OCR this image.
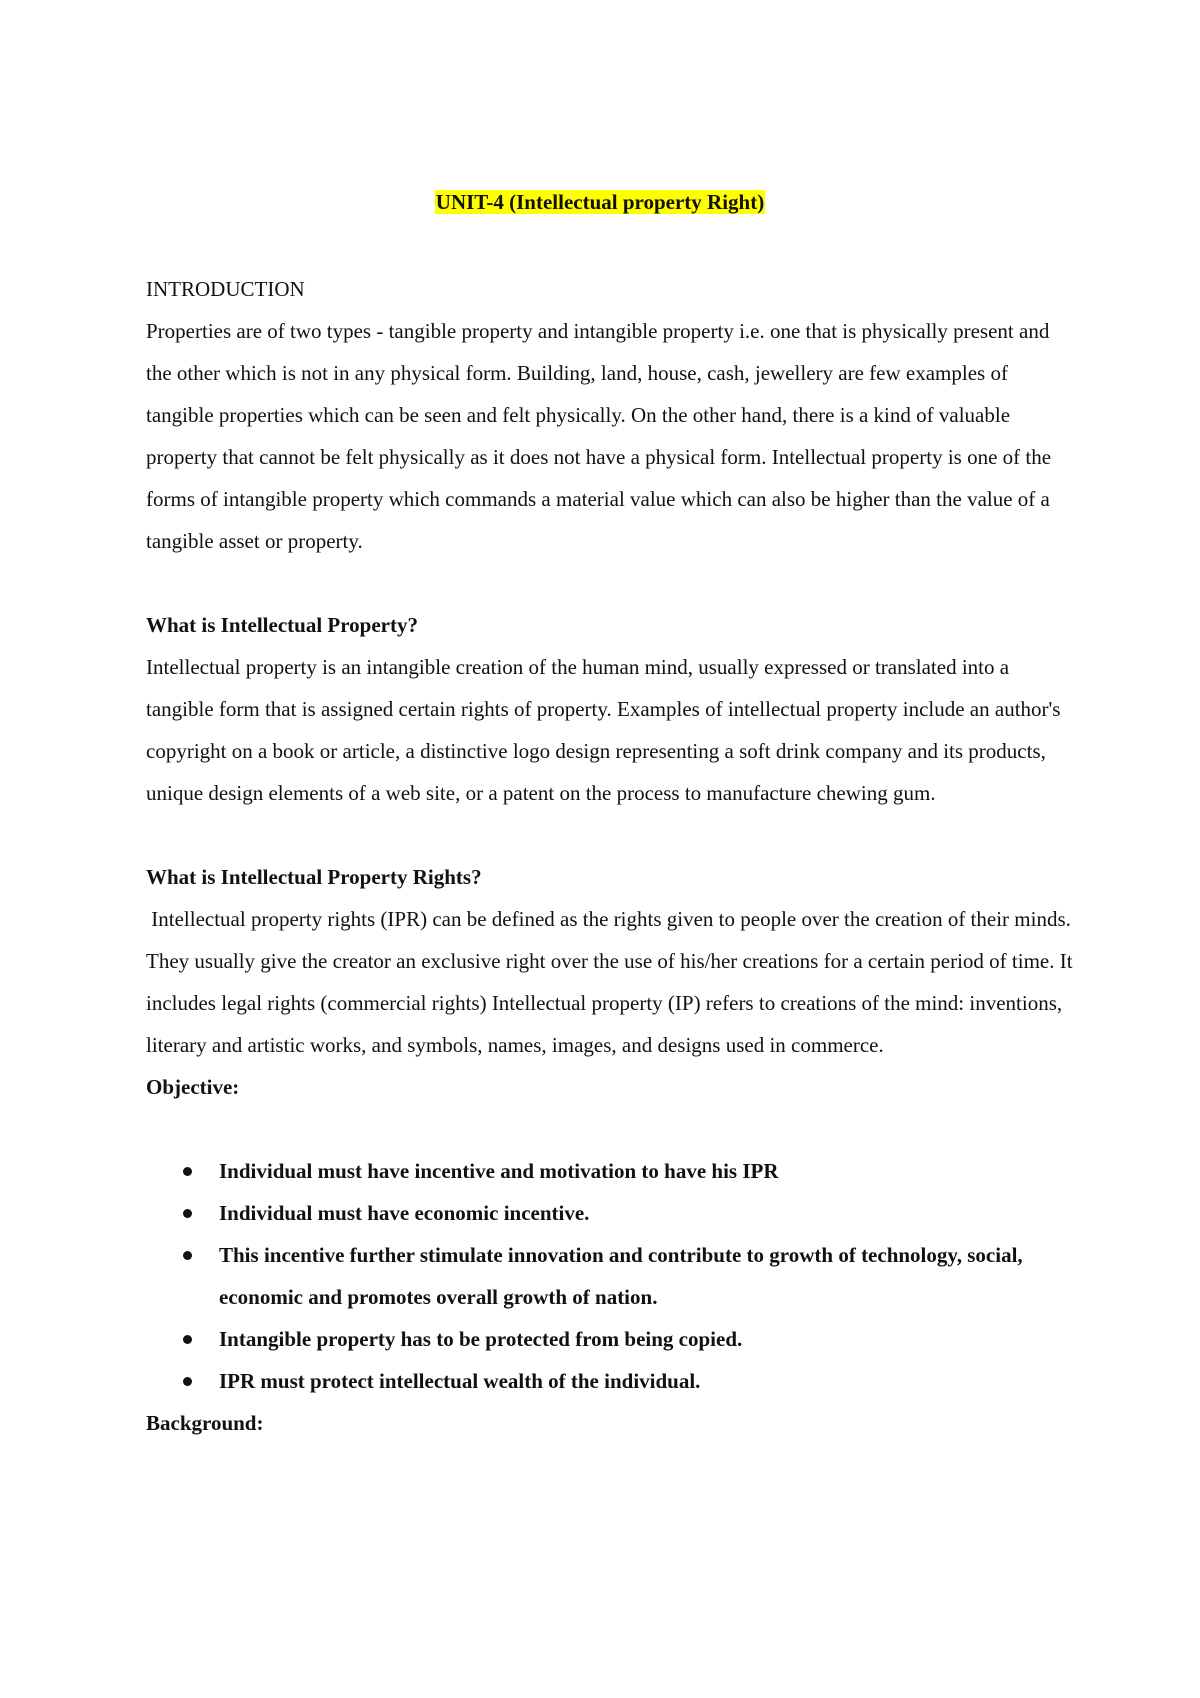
UNIT-4 (Intellectual property Right)

INTRODUCTION

Properties are of two types - tangible property and intangible property i.e. one that is physically present and the other which is not in any physical form. Building, land, house, cash, jewellery are few examples of tangible properties which can be seen and felt physically. On the other hand, there is a kind of valuable property that cannot be felt physically as it does not have a physical form. Intellectual property is one of the forms of intangible property which commands a material value which can also be higher than the value of a tangible asset or property.

What is Intellectual Property?

Intellectual property is an intangible creation of the human mind, usually expressed or translated into a tangible form that is assigned certain rights of property. Examples of intellectual property include an author's copyright on a book or article, a distinctive logo design representing a soft drink company and its products, unique design elements of a web site, or a patent on the process to manufacture chewing gum.

What is Intellectual Property Rights?

Intellectual property rights (IPR) can be defined as the rights given to people over the creation of their minds. They usually give the creator an exclusive right over the use of his/her creations for a certain period of time. It includes legal rights (commercial rights) Intellectual property (IP) refers to creations of the mind: inventions, literary and artistic works, and symbols, names, images, and designs used in commerce.

Objective:

Individual must have incentive and motivation to have his IPR
Individual must have economic incentive.
This incentive further stimulate innovation and contribute to growth of technology, social, economic and promotes overall growth of nation.
Intangible property has to be protected from being copied.
IPR must protect intellectual wealth of the individual.

Background:
